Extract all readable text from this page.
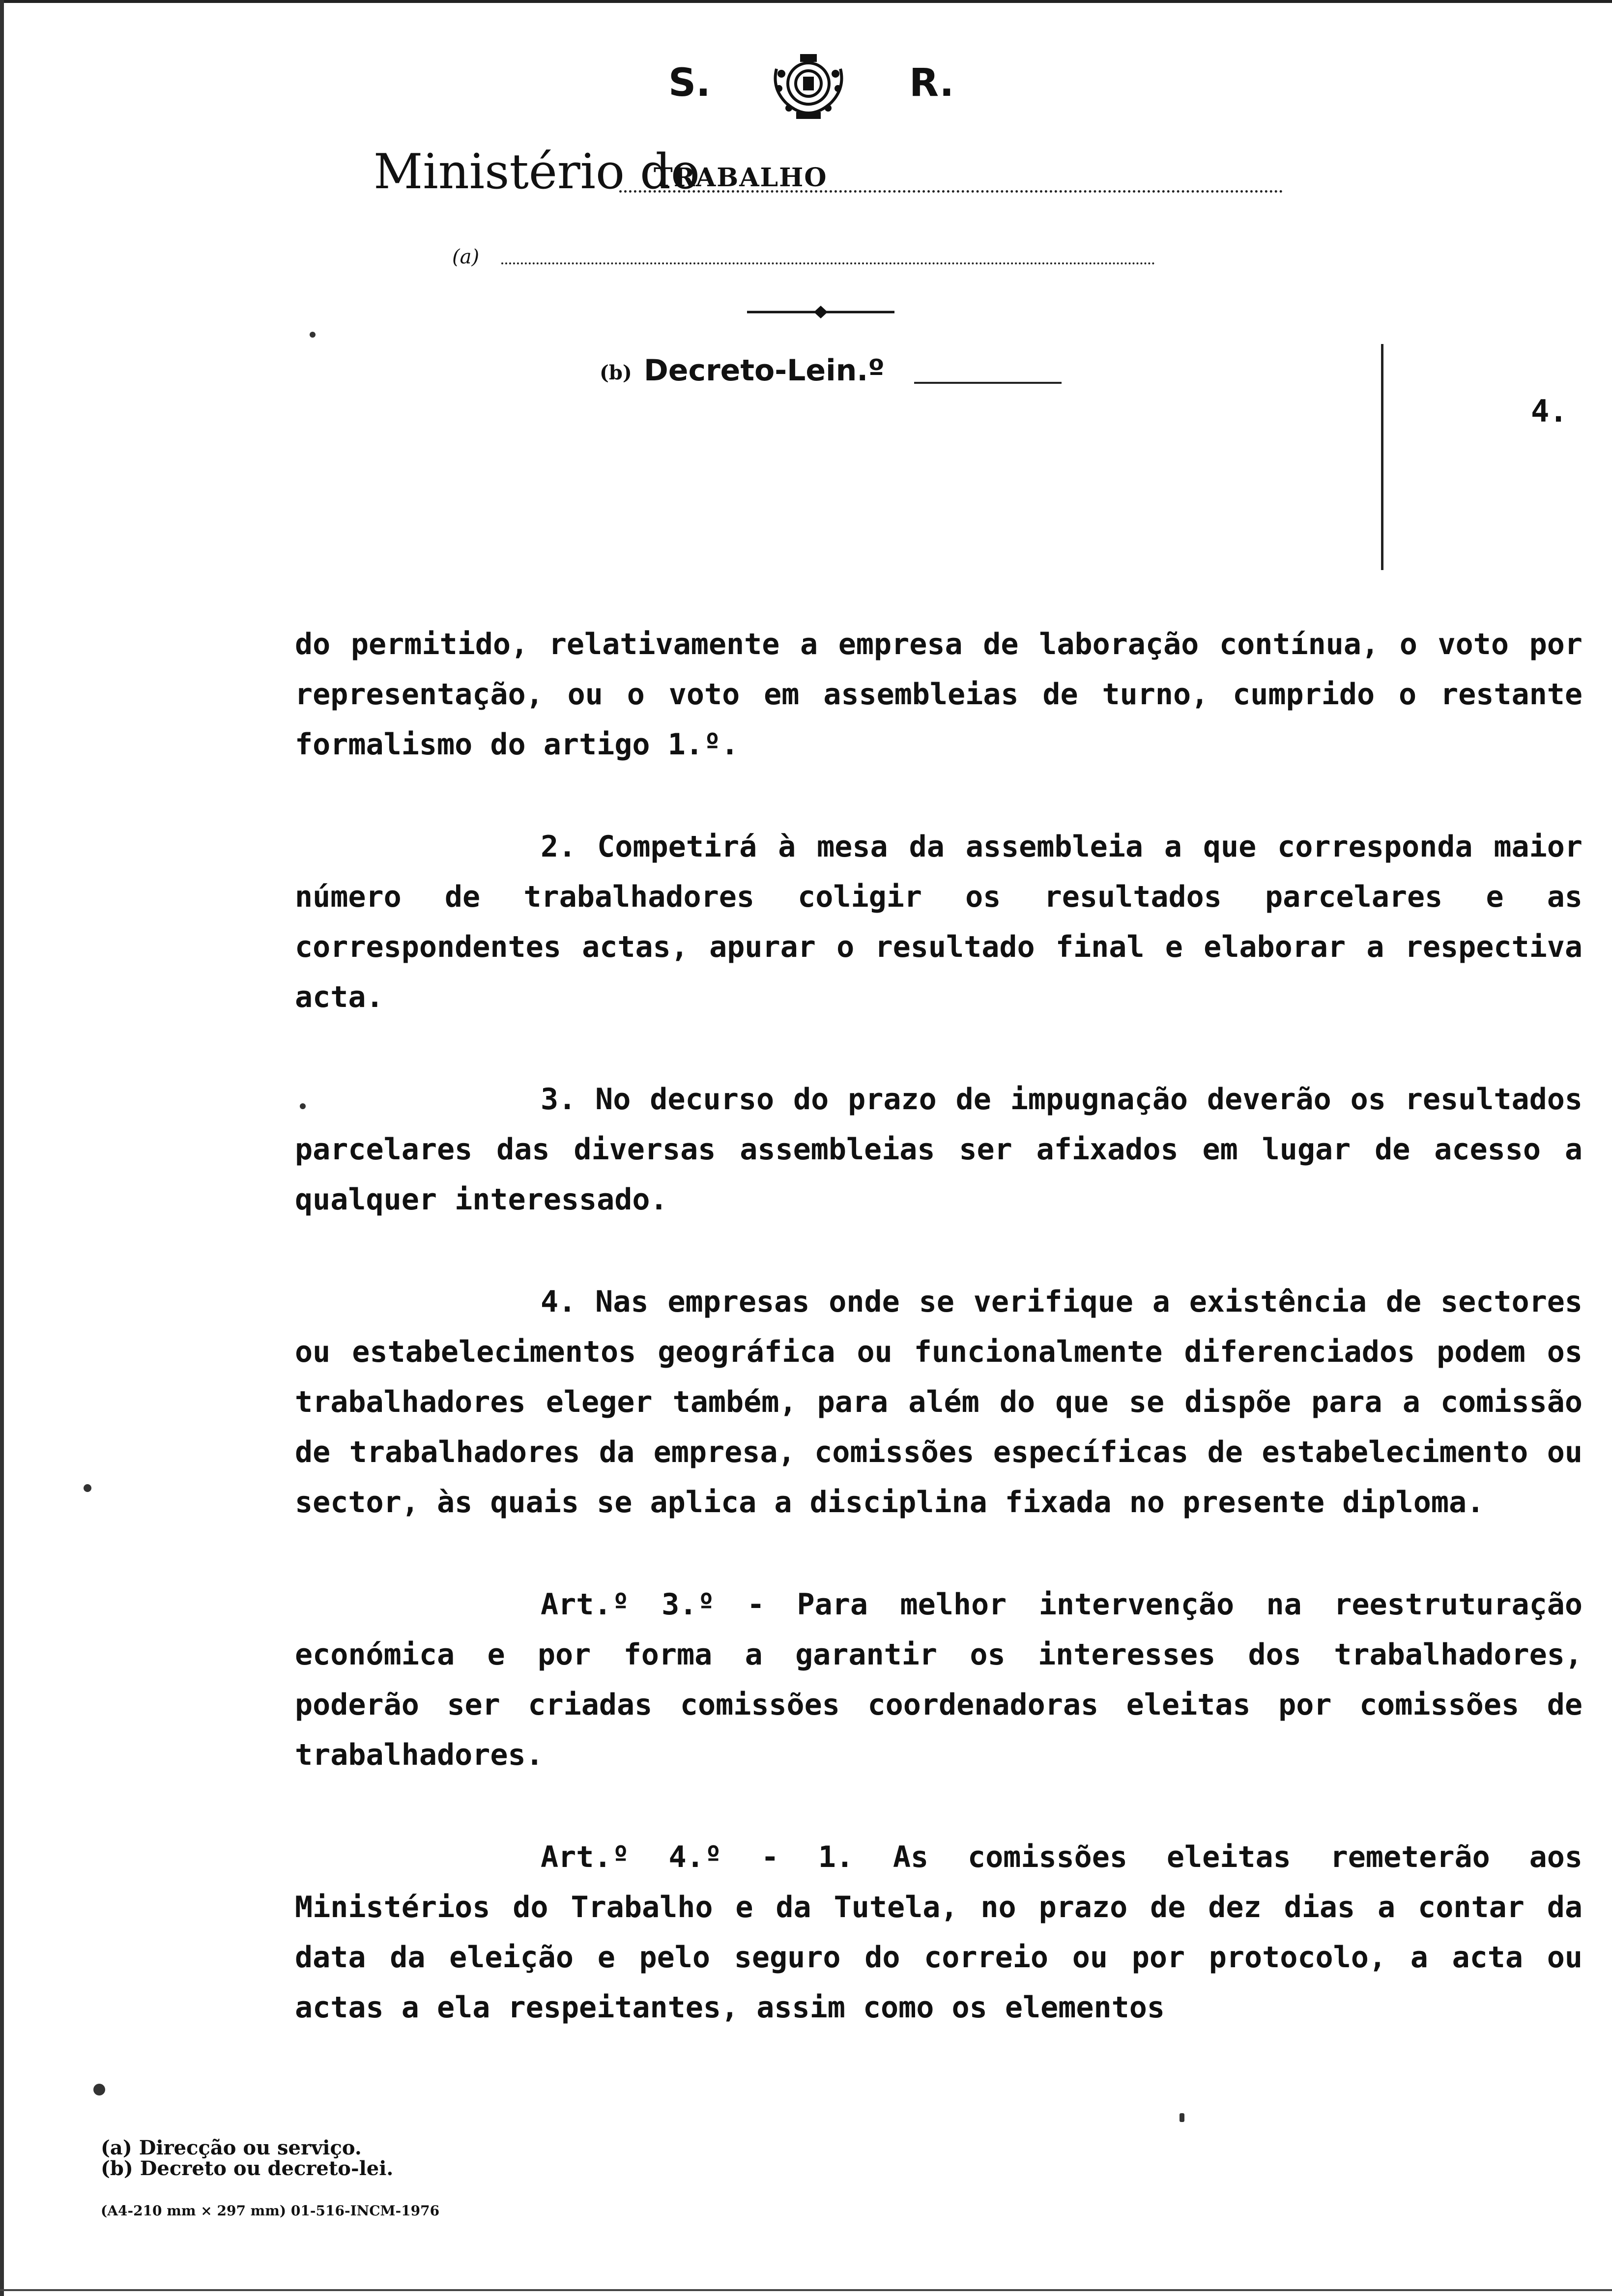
S.	R.
Ministério do
TRABALHO
(a)
(b) Decreto-Lein.º
4.

do permitido, relativamente a empresa de laboração contínua, o voto por representação, ou o voto em assembleias de turno, cumprido o restante formalismo do artigo 1.º.

2. Competirá à mesa da assembleia a que corresponda maior número de trabalhadores coligir os resultados parcelares e as correspondentes actas, apurar o resultado final e elaborar a respectiva acta.

3. No decurso do prazo de impugnação deverão os resultados parcelares das diversas assembleias ser afixados em lugar de acesso a qualquer interessado.

4. Nas empresas onde se verifique a existência de sectores ou estabelecimentos geográfica ou funcionalmente diferenciados podem os trabalhadores eleger também, para além do que se dispõe para a comissão de trabalhadores da empresa, comissões específicas de estabelecimento ou sector, às quais se aplica a disciplina fixada no presente diploma.

Art.º 3.º - Para melhor intervenção na reestruturação económica e por forma a garantir os interesses dos trabalhadores, poderão ser criadas comissões coordenadoras eleitas por comissões de trabalhadores.

Art.º 4.º - 1. As comissões eleitas remeterão aos Ministérios do Trabalho e da Tutela, no prazo de dez dias a contar da data da eleição e pelo seguro do correio ou por protocolo, a acta ou actas a ela respeitantes, assim como os elementos

(a) Direcção ou serviço.
(b) Decreto ou decreto-lei.
(A4-210 mm × 297 mm) 01-516-INCM-1976
